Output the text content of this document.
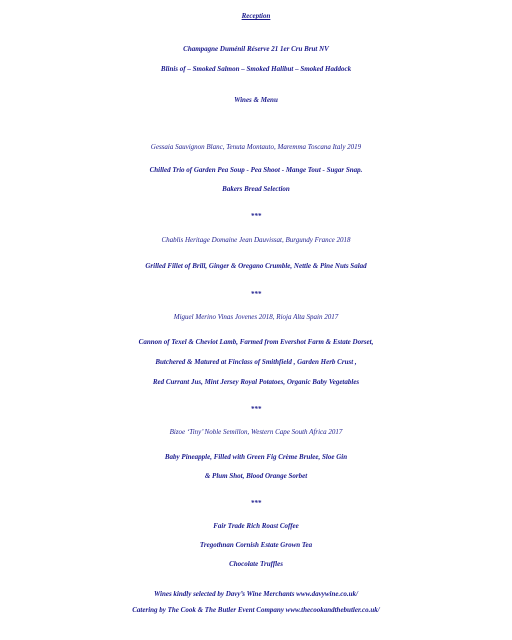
Reception
Champagne Duménil Réserve 21 1er Cru Brut NV
Blinis of – Smoked Salmon – Smoked Halibut – Smoked Haddock
Wines & Menu
Gessaia Sauvignon Blanc, Tenuta Montauto, Maremma Toscana Italy 2019
Chilled Trio of Garden Pea Soup - Pea Shoot - Mange Tout - Sugar Snap.
Bakers Bread Selection
***
Chablis Heritage Domaine Jean Dauvissat, Burgundy France 2018
Grilled Fillet of Brill, Ginger & Oregano Crumble, Nettle & Pine Nuts Salad
***
Miguel Merino Vinas Jovenes 2018, Rioja Alta Spain 2017
Cannon of Texel & Cheviot Lamb, Farmed from Evershot Farm & Estate Dorset,
Butchered & Matured at Finclass of Smithfield , Garden Herb Crust ,
Red Currant Jus, Mint Jersey Royal Potatoes, Organic Baby Vegetables
***
Bizoe ‘Tiny’ Noble Semillon, Western Cape South Africa 2017
Baby Pineapple, Filled with Green Fig Crème Brulee, Sloe Gin
& Plum Shot, Blood Orange Sorbet
***
Fair Trade Rich Roast Coffee
Tregothnan Cornish Estate Grown Tea
Chocolate Truffles
Wines kindly selected by Davy’s Wine Merchants www.davywine.co.uk/
Catering by The Cook & The Butler Event Company www.thecookandthebutler.co.uk/
